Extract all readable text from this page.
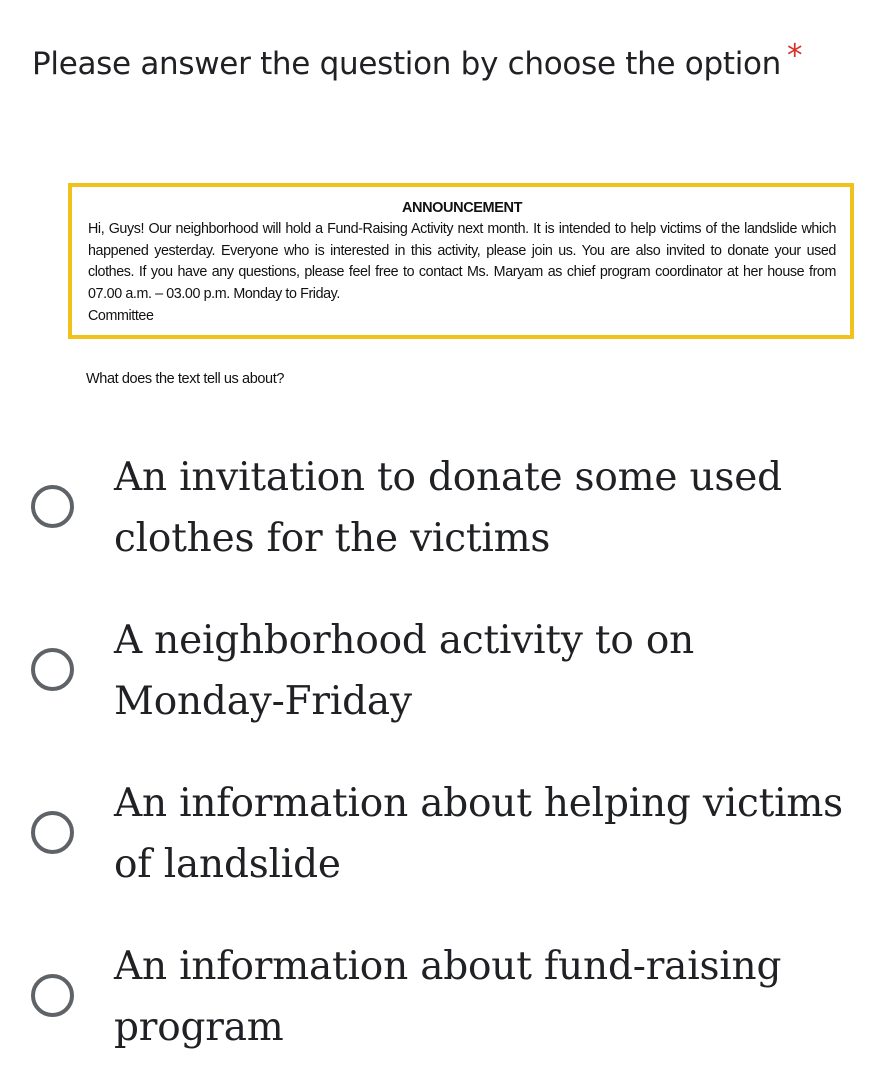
Please answer the question by choose the option *
ANNOUNCEMENT
Hi, Guys! Our neighborhood will hold a Fund-Raising Activity next month. It is intended to help victims of the landslide which happened yesterday. Everyone who is interested in this activity, please join us. You are also invited to donate your used clothes. If you have any questions, please feel free to contact Ms. Maryam as chief program coordinator at her house from 07.00 a.m. – 03.00 p.m. Monday to Friday.
Committee
What does the text tell us about?
An invitation to donate some used clothes for the victims
A neighborhood activity to on Monday-Friday
An information about helping victims of landslide
An information about fund-raising program
